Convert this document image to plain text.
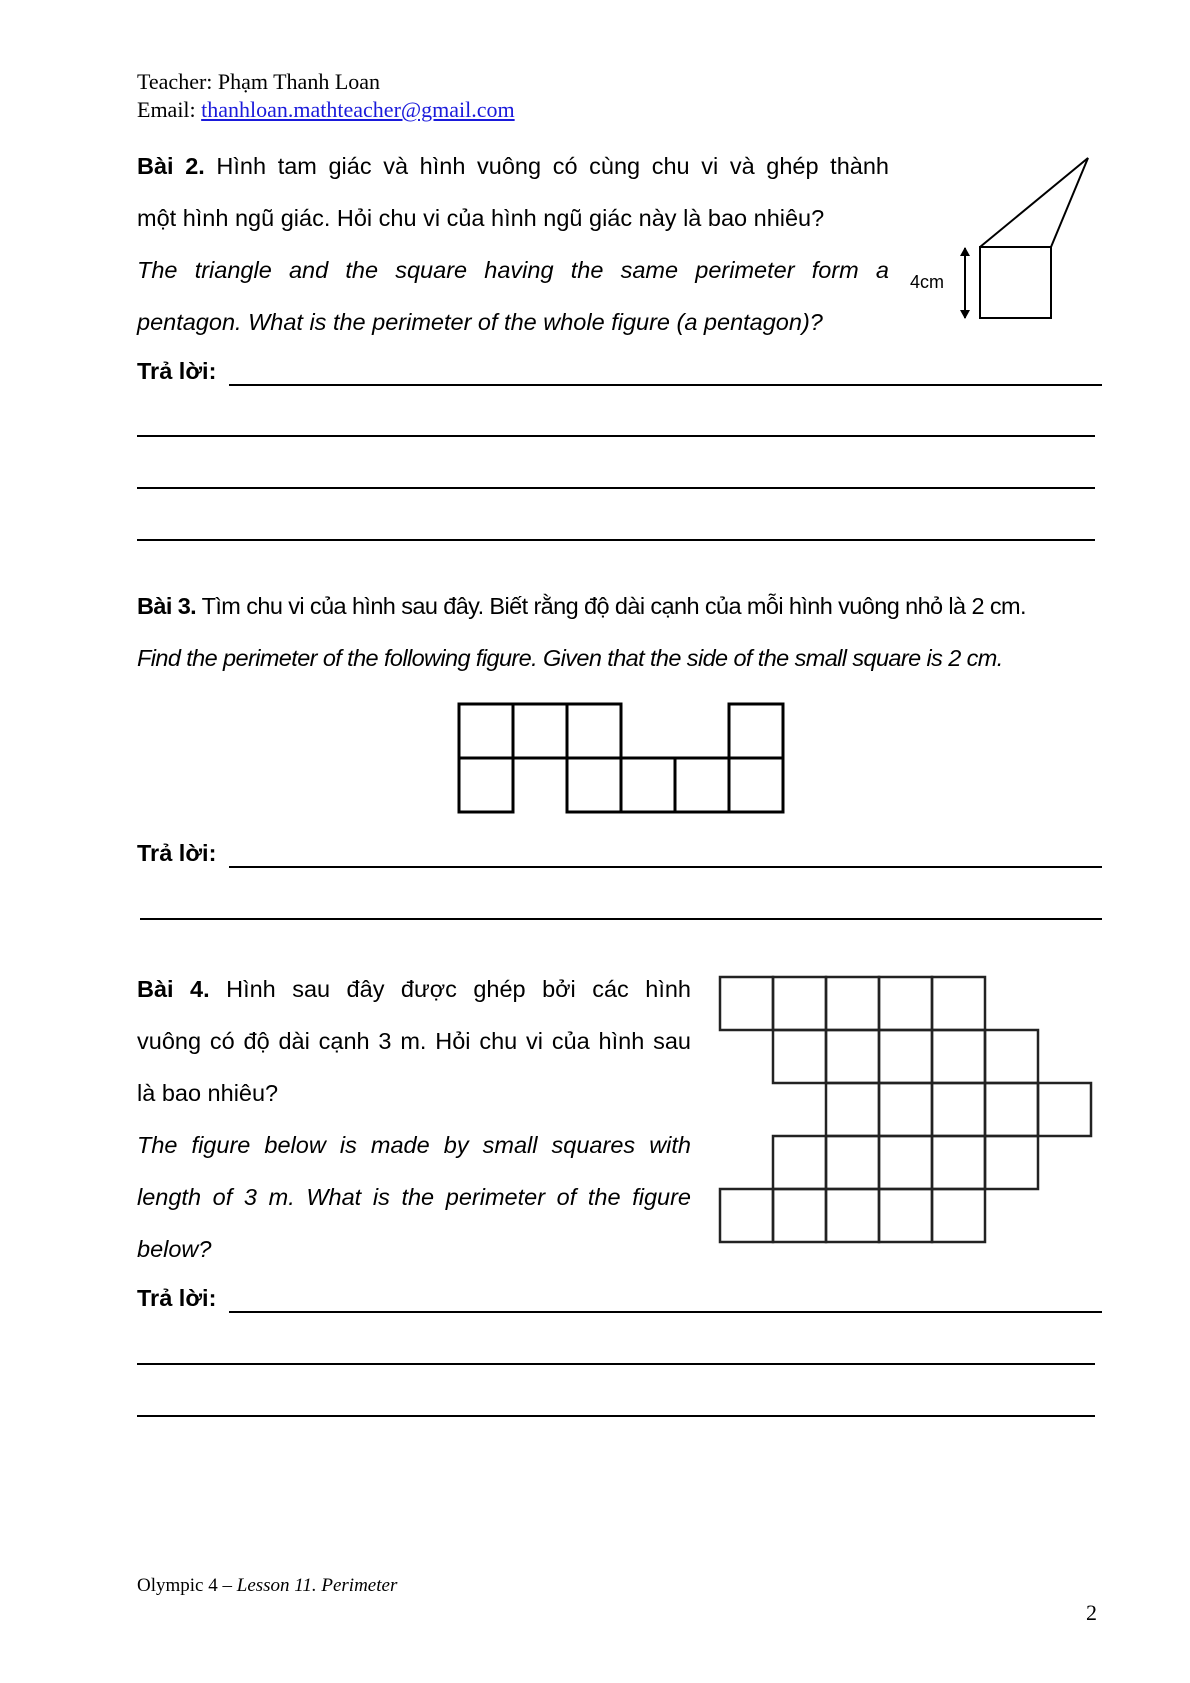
Teacher: Phạm Thanh Loan
Email: thanhloan.mathteacher@gmail.com
Bài 2. Hình tam giác và hình vuông có cùng chu vi và ghép thành
một hình ngũ giác. Hỏi chu vi của hình ngũ giác này là bao nhiêu?
The triangle and the square having the same perimeter form a
pentagon. What is the perimeter of the whole figure (a pentagon)?
4cm
Trả lời:
Bài 3. Tìm chu vi của hình sau đây. Biết rằng độ dài cạnh của mỗi hình vuông nhỏ là 2 cm.
Find the perimeter of the following figure. Given that the side of the small square is 2 cm.
Trả lời:
Bài 4. Hình sau đây được ghép bởi các hình
vuông có độ dài cạnh 3 m. Hỏi chu vi của hình sau
là bao nhiêu?
The figure below is made by small squares with
length of 3 m. What is the perimeter of the figure
below?
Trả lời:
Olympic 4 – Lesson 11. Perimeter
2
